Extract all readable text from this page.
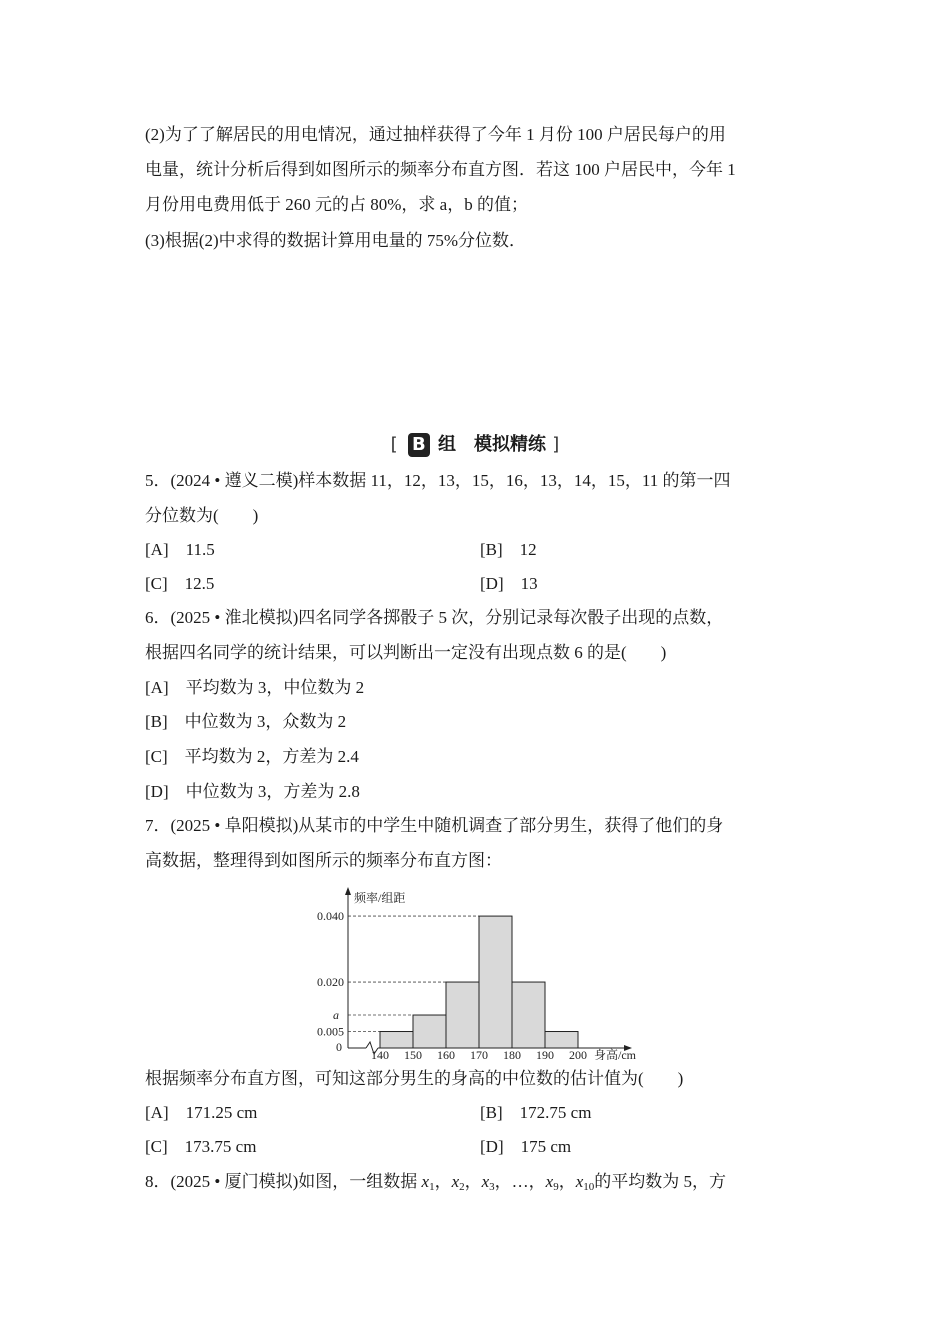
(2)为了了解居民的用电情况，通过抽样获得了今年 1 月份 100 户居民每户的用
电量，统计分析后得到如图所示的频率分布直方图．若这 100 户居民中，今年 1
月份用电费用低于 260 元的占 80%，求 a，b 的值；
(3)根据(2)中求得的数据计算用电量的 75%分位数．
[ B 组　模拟精练 ]
5．(2024 • 遵义二模)样本数据 11，12，13，15，16，13，14，15，11 的第一四
分位数为(　　)
[A]　11.5	[B]　12
[C]　12.5	[D]　13
6．(2025 • 淮北模拟)四名同学各掷骰子 5 次，分别记录每次骰子出现的点数，
根据四名同学的统计结果，可以判断出一定没有出现点数 6 的是(　　)
[A]　平均数为 3，中位数为 2
[B]　中位数为 3，众数为 2
[C]　平均数为 2，方差为 2.4
[D]　中位数为 3，方差为 2.8
7．(2025 • 阜阳模拟)从某市的中学生中随机调查了部分男生，获得了他们的身
高数据，整理得到如图所示的频率分布直方图：
频率/组距
0
身高/cm
0.040
0.020
a
0.005
140 150 160 170 180 190 200
根据频率分布直方图，可知这部分男生的身高的中位数的估计值为(　　)
[A]　171.25 cm	[B]　172.75 cm
[C]　173.75 cm	[D]　175 cm
8．(2025 • 厦门模拟)如图，一组数据 $x_1$，$x_2$，$x_3$，…，$x_9$，$x_{10}$的平均数为 5，方
